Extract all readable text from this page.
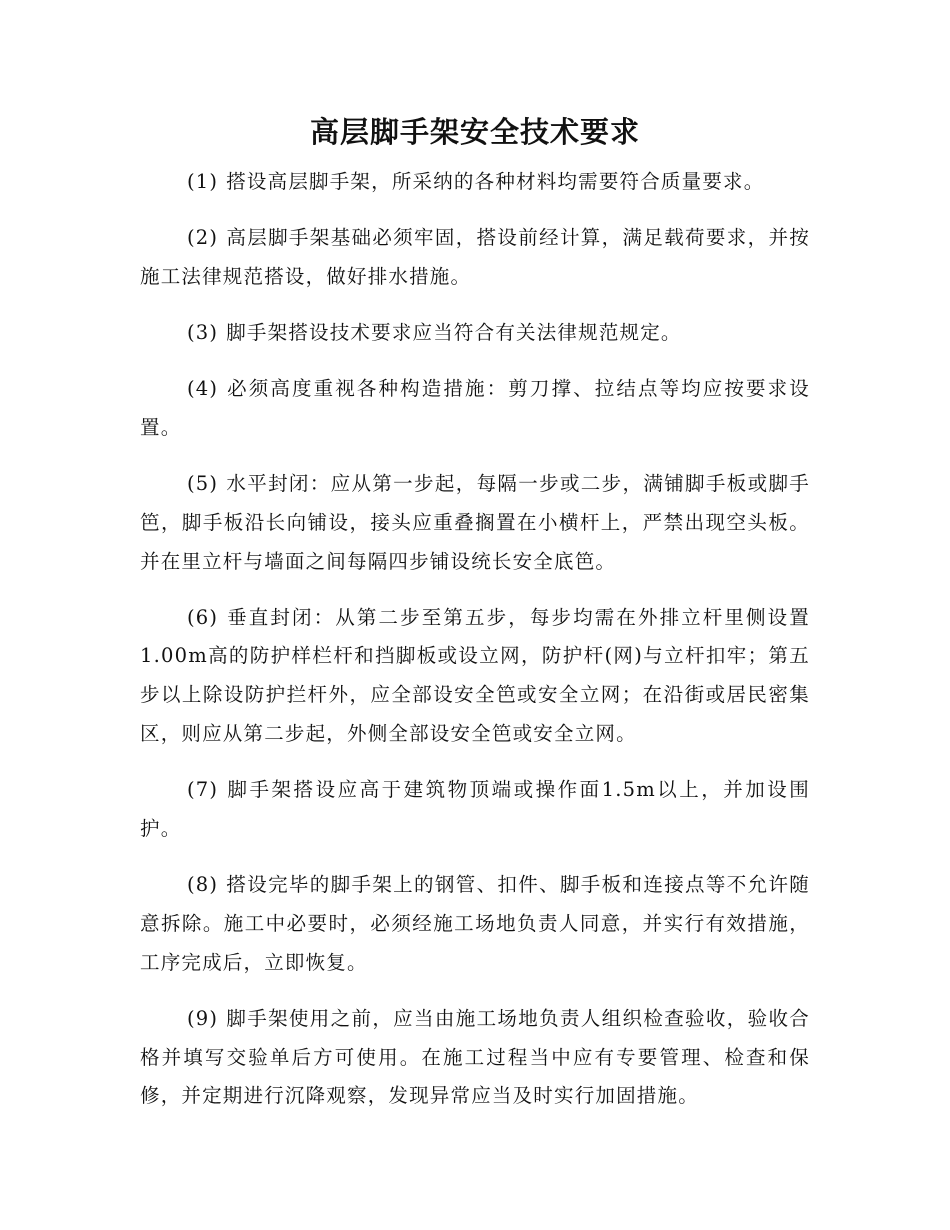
高层脚手架安全技术要求

(1) 搭设高层脚手架，所采纳的各种材料均需要符合质量要求。

(2) 高层脚手架基础必须牢固，搭设前经计算，满足载荷要求，并按施工法律规范搭设，做好排水措施。

(3) 脚手架搭设技术要求应当符合有关法律规范规定。

(4) 必须高度重视各种构造措施：剪刀撑、拉结点等均应按要求设置。

(5) 水平封闭：应从第一步起，每隔一步或二步，满铺脚手板或脚手笆，脚手板沿长向铺设，接头应重叠搁置在小横杆上，严禁出现空头板。并在里立杆与墙面之间每隔四步铺设统长安全底笆。

(6) 垂直封闭：从第二步至第五步，每步均需在外排立杆里侧设置1.00m高的防护样栏杆和挡脚板或设立网，防护杆(网)与立杆扣牢；第五步以上除设防护拦杆外，应全部设安全笆或安全立网；在沿街或居民密集区，则应从第二步起，外侧全部设安全笆或安全立网。

(7) 脚手架搭设应高于建筑物顶端或操作面1.5m以上，并加设围护。

(8) 搭设完毕的脚手架上的钢管、扣件、脚手板和连接点等不允许随意拆除。施工中必要时，必须经施工场地负责人同意，并实行有效措施，工序完成后，立即恢复。

(9) 脚手架使用之前，应当由施工场地负责人组织检查验收，验收合格并填写交验单后方可使用。在施工过程当中应有专要管理、检查和保修，并定期进行沉降观察，发现异常应当及时实行加固措施。
